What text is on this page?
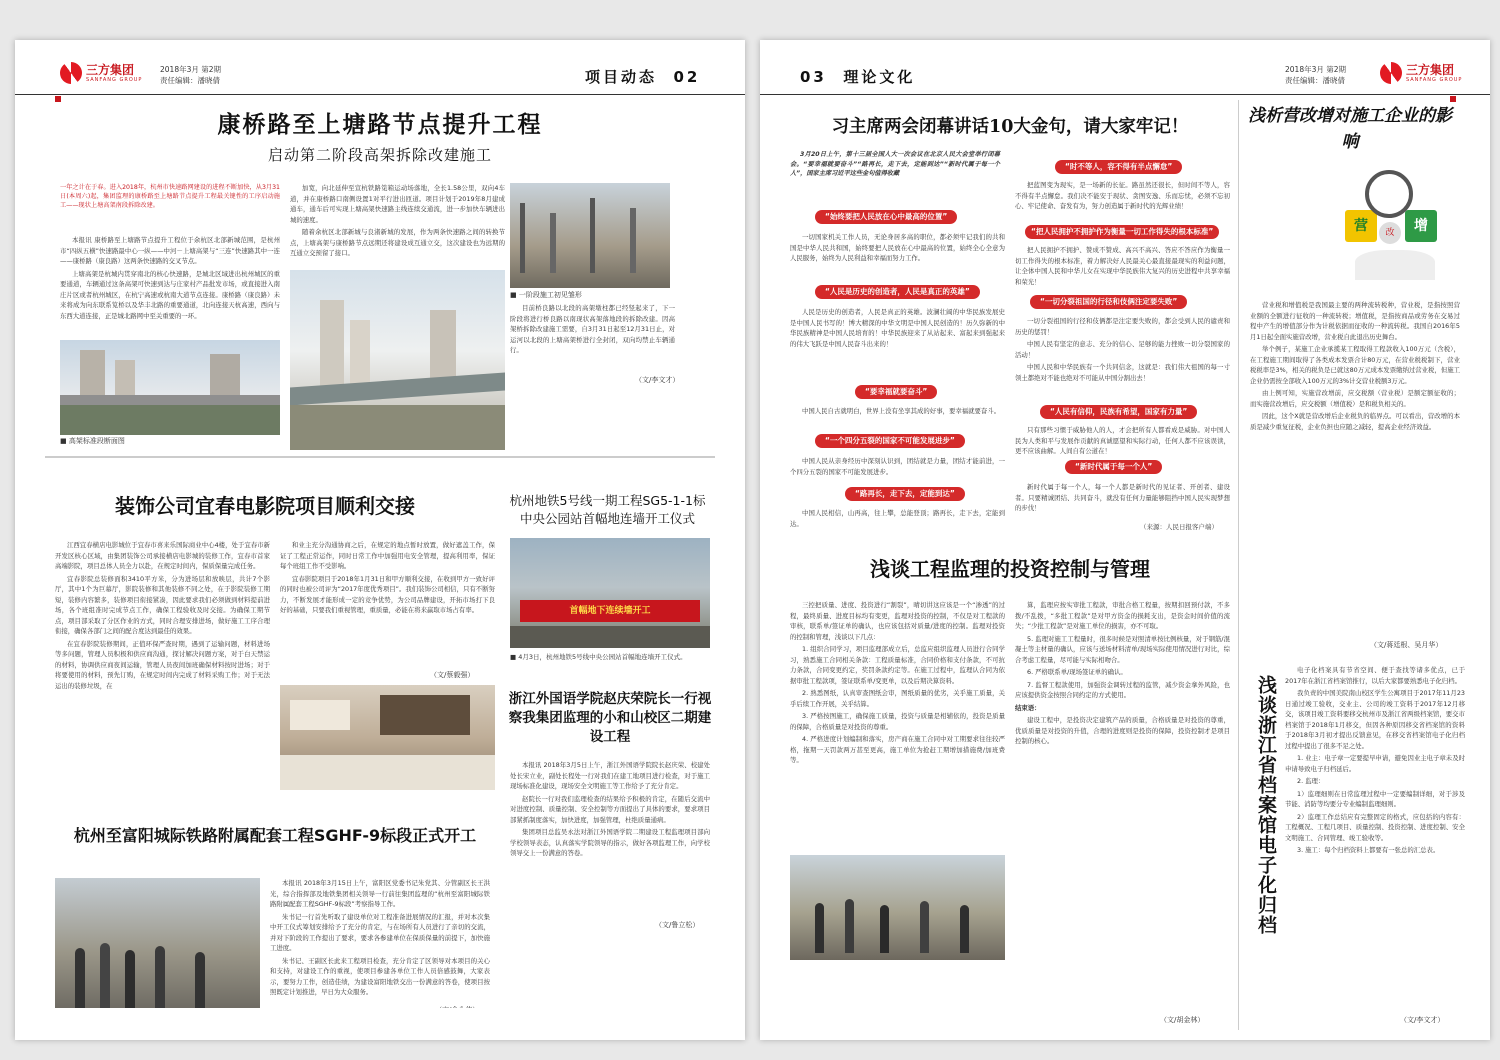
三方集团
SANFANG GROUP
2018年3月 第2期
责任编辑：潘晓倩	项目动态 02
康桥路至上塘路节点提升工程
启动第二阶段高架拆除改建施工
一年之计在于春。进入2018年，杭州市快速路网建设的进程不断加快，从3月31日(本周六)起，集团监理的康桥路至上塘路节点提升工程最关键性的工序启动施工——现状上塘高架南段拆除改建。

本报讯 康桥路至上塘路节点提升工程位于余杭区北部新城范围，是杭州市“四纵五横”快速路最中心一纵——中河－上塘高架与“三连”快速路其中一连——康桥路（康良路）这两条快速路的交叉节点。

上塘高架是杭城内贯穿南北的核心快速路，是城北区域进出杭州城区的重要通道，车辆通过这条高架可快速到达与庄家村产品批发市场，或直接进入南庄片区或者杭州城区，在杭宁高速或杭南大道节点连接。康桥路（康良路）未来将成为向东联系笕桥以及华丰北路的重要通道，北向连接天杭高速，西向与东西大道连接，正是城北路网中至关重要的一环。

■ 高架标准段断面图

加宽，向北延伸至宣杭铁路笕箱运动场落地，全长1.58公里，双向4车道，并在康桥路口南侧设置1对平行进出匝道。项目计划于2019年8月建成通车，通车后可实现上塘高架快速路主线连续交通流，进一步加快车辆进出城的速度。

随着余杭区北部新城与良渚新城的发展，作为两条快速路之间的转换节点，上塘高架与康桥路节点远期还将建设成互通立交，这次建设也为远期的互通立交预留了接口。

■ 一阶段施工初见雏形

目前桥良路以北段的高架墩柱都已经竖起来了，下一阶段将进行桥良路以南现状高架落地段的拆除改建。因高架桥拆除改建施工需要，自3月31日起至12月31日止，对运河以北段的上塘高架桥进行全封闭，双向均禁止车辆通行。

（文/李文才）
装饰公司宜春电影院项目顺利交接

江西宜春横店电影城位于宜春市喜来乐国际商业中心4楼，处于宜春市新开发区核心区域，由集团装饰公司承接横店电影城的装修工作，宜春市首家高端影院，项目总体人员全力以赴，在规定时间内，保质保量完成任务。

宜春影院总装修面积3410平方米，分为进场层和放映层，共计7个影厅，其中1个为巨幕厅，影院装修和其他装修不同之处，在于影院装修工期短，装修内容繁多，装修项目衔接紧凑，因此要求我们必须做到材料提前进场，各个班组准时完成节点工作，确保工程验收及时交接。为确保工期节点，项目部采取了分区作业的方式，同时合理安排进场，做好施工工序合理衔接，确保各部门之间的配合度达到最佳的效果。

在宜春影院装修期间，正值环保严查时期，遇到了运输问题，材料进场等多问题，管理人员积极和供应商沟通，探讨解决问题方案，对于白天禁运的材料，协调供应商夜间运输，管理人员夜间加班确保材料按时进场；对于将要使用的材料，预先订购，在规定时间内完成了材料采购工作；对于无法运出的装修垃圾，在

和业主充分沟通协商之后，在规定的地点暂时放置，做好遮盖工作，保证了工程正常运作，同时日常工作中加强用电安全管理，提高利用率，保证每个班组工作不受影响。

宜春影院项目于2018年1月31日和甲方顺利交接，在收到甲方一致好评的同时也被公司评为“2017年度优秀项目”。我们装饰公司相信，只有不断努力，不断发展才能形成一定的竞争优势，为公司品牌建设，开拓市场打下良好的基础，只要我们重视管理，重质量，必能在将来赢取市场占有率。

（文/蔡毅强）
杭州地铁5号线一期工程SG5-1-1标中央公园站首幅地连墙开工仪式
首幅地下连续墙开工
■ 4月3日，杭州地铁5号线中央公园站首幅地连墙开工仪式。
浙江外国语学院赵庆荣院长一行视察我集团监理的小和山校区二期建设工程

本报讯 2018年3月5日上午，浙江外国语学院院长赵庆荣、校建处处长宋立业，副处长程处一行对我们在建工地项目进行检查，对于施工现场标准化建设，现场安全文明施工等工作给予了充分肯定。

赵院长一行对我们监理检查的结果给予积极的肯定，在随后交流中对进度控制、质量控制、安全控制等方面提出了具体的要求，要求项目部紧抓制度落实，加快进度，加强管理，杜绝质量通病。

集团项目总监吴永法对浙江外国语学院二期建设工程监理项目部向学校领导表态，认真落实学院领导的指示，做好各项监理工作，向学校领导交上一份满意的答卷。

（文/鲁立松）
杭州至富阳城际铁路附属配套工程SGHF-9标段正式开工

本报讯 2018年3月15日上午，富阳区党委书记朱党其、分管副区长王洪光，综合指挥部及地铁集团相关领导一行前往集团监理的“杭州至富阳城际铁路附属配套工程SGHF-9标段”考察指导工作。

朱书记一行首先听取了建设单位对工程准备进展情况的汇报，并对本次集中开工仪式筹划安排给予了充分的肯定，与在场所有人员进行了亲切的交流，并对下阶段的工作提出了要求，要求各参建单位在保质保量的前提下，加快施工进度。

朱书记、王副区长此来工程项目检查，充分肯定了区领导对本项目的关心和支持，对建设工作的重视，使项目参建各单位工作人员倍感鼓舞，大家表示，要努力工作，创造佳绩，为建设富阳地铁交出一份满意的答卷，使项目按照既定计划推进，早日为大众服务。

03 理论文化	2018年3月 第2期
责任编辑：潘晓倩
三方集团
SANFANG GROUP
习主席两会闭幕讲话10大金句，请大家牢记！
3月20日上午，第十三届全国人大一次会议在北京人民大会堂举行闭幕会。“要幸福就要奋斗”“路再长，走下去，定能到达”“新时代属于每一个人”，国家主席习近平这些金句值得收藏
“始终要把人民放在心中最高的位置”

一切国家机关工作人员，无论身居多高的职位，都必须牢记我们的共和国是中华人民共和国，始终要把人民放在心中最高的位置，始终全心全意为人民服务，始终为人民利益和幸福而努力工作。

“人民是历史的创造者，人民是真正的英雄”

人民是历史的创造者，人民是真正的英雄。波澜壮阔的中华民族发展史是中国人民书写的！博大精深的中华文明是中国人民创造的！历久弥新的中华民族精神是中国人民培育的！中华民族迎来了从站起来、富起来到强起来的伟大飞跃是中国人民奋斗出来的！

“要幸福就要奋斗”

中国人民自古就明白，世界上没有坐享其成的好事，要幸福就要奋斗。

“一个四分五裂的国家不可能发展进步”

中国人民从亲身经历中深刻认识到，团结就是力量，团结才能前进，一个四分五裂的国家不可能发展进步。

“路再长，走下去，定能到达”

中国人民相信，山再高，往上攀，总能登顶；路再长，走下去，定能到达。

“时不等人，容不得有半点懈怠”

把蓝图变为现实，是一场新的长征。路虽然还很长，但时间不等人，容不得有半点懈怠。我们决不能安于现状、贪图安逸、乐而忘忧，必须不忘初心、牢记使命、奋发有为，努力创造属于新时代的光辉业绩！

“把人民拥护不拥护作为衡量一切工作得失的根本标准”

把人民拥护不拥护、赞成不赞成、高兴不高兴、答应不答应作为衡量一切工作得失的根本标准，着力解决好人民最关心最直接最现实的利益问题，让全体中国人民和中华儿女在实现中华民族伟大复兴的历史进程中共享幸福和荣光！

“一切分裂祖国的行径和伎俩注定要失败”

一切分裂祖国的行径和伎俩都是注定要失败的，都会受到人民的谴责和历史的惩罚！

中国人民有坚定的意志、充分的信心、足够的能力挫败一切分裂国家的活动！

中国人民和中华民族有一个共同信念，这就是：我们伟大祖国的每一寸领土都绝对不能也绝对不可能从中国分割出去！

“人民有信仰，民族有希望，国家有力量”

只有那些习惯于威胁他人的人，才会把所有人都看成是威胁。对中国人民为人类和平与发展作贡献的真诚愿望和实际行动，任何人都不应该误读，更不应该曲解。人间自有公道在！

“新时代属于每一个人”

新时代属于每一个人，每一个人都是新时代的见证者、开创者、建设者。只要精诚团结、共同奋斗，就没有任何力量能够阻挡中国人民实现梦想的步伐！

（来源：人民日报客户端）
浅谈工程监理的投资控制与管理

三控把质量、进度、投资进行“割裂”，晴切讲这应该是一个“渗透”的过程，最终质量、进度目标均有变更，监理对投资的控制，不仅是对工程款的审核，联系单/签证单的确认，也应该包括对质量/进度的控制。监理对投资的控制和管理，浅谈以下几点：

1. 组织合同学习，项目监理部成立后，总监应组织监理人员进行合同学习，熟悉施工合同相关条款：工程质量标准，合同价格和支付条款，不可抗力条款，合同变更约定，奖罚条款约定等。在施工过程中，监理认合同为依据审批工程款项，签证联系单/变更单，以及后期决算资料。

2. 熟悉图纸，认真审查图纸会审，图纸质量的优劣，关乎施工质量，关乎后续工作开展，关乎结算。

3. 严格按图施工，确保施工质量，投资与质量是相辅依的，投资是质量的保障，合格质量是对投资的尊重。

4. 严格进度计划编制和落实，房产商在施工合同中对工期要求往往较严格，拖期一天罚款两万甚至更高，施工单位为抢赶工期增加措施费/加班费等。

算，监理应按实审批工程款，审批合格工程量，按期扣回预付款，不多拨/不乱拨，“多批工程款”是对甲方资金的损耗支出，是资金时间价值的流失；“少批工程款”是对施工单位的损害，亦不可取。

5. 监理对施工工程量时，很多时候是对照清单按比例核量，对于钢筋/混凝土等主材量的确认，应该与送场材料清单/现场实际使用情况进行对比，综合考虑工程量，尽可能与实际相吻合。

6. 严格联系单/现场签证单的确认。

7. 监督工程款使用，加强资金调转过程的监管，减少资金拿外风险，也应该提供资金按照合同约定的方式使用。

结束语：

建设工程中，是投资决定建筑产品的质量，合格质量是对投资的尊重，优质质量是对投资的升值，合理的进度则是投资的保障，投资控制才是项目控制的核心。

（文/胡金林）
浅析营改增对施工企业的影响
营	改	增

营业税和增值税是我国最主要的两种流转税种，营业税，是指按照营业额的全额进行征收的一种流转税；增值税，是指按商品或劳务在交易过程中产生的增值部分作为计税依据而征收的一种流转税。我国自2016年5月1日起全面实施营改增，营业税自此退出历史舞台。

举个例子，某施工企业承揽某工程取得工程款收入100万元（含税），在工程施工期间取得了各类成本发票合计80万元，在营业税税制下，营业税税率是3%，相关的税负是已就这80万元成本发票缴纳过营业税，但施工企业仍需按全部收入100万元的3%计交营业税额3万元。

由上例可知，实施营改增前，应交税额（营业税）是额定额征收的；而实施营改增后，应交税额（增值税）是和税负相关的。

因此，这个X就是营改增后企业税负的临界点。可以看出，营改增的本质是减少重复征税，企业负担也应随之减轻，提高企业经济效益。

（文/蒋廷根、吴月华）
浅谈浙江省档案馆电子化归档

电子化档案具有节省空间、便于查找等诸多优点，已于2017年在浙江省档案馆推行，以后大家都要熟悉电子化归档。

我负责的中国美院南山校区学生公寓项目于2017年11月23日通过竣工验收，交业主、公司的竣工资料于2017年12月移交，该项目竣工资料要移交杭州市及浙江省两级档案馆，要交市档案馆于2018年1月移交，但因各种原因移交省档案馆的资料于2018年3月初才提出反馈意见，在移交省档案馆电子化归档过程中提出了很多不足之处。

1. 业主：电子章一定要提早申请，避免因业主电子章未及时申请导致电子归档延后。

2. 监理：

1）监理细则在日常监理过程中一定要编制详细，对于涉及节能、消防等均要分专业编制监理细则。

2）监理工作总结应有完整固定的格式，应包括的内容有：工程概况、工程几项目、质量控制、投资控制、进度控制、安全文明施工、合同管理、竣工验收等。

3. 施工：每个归档资料上都要有一张总的汇总表。

（文/李文才）
